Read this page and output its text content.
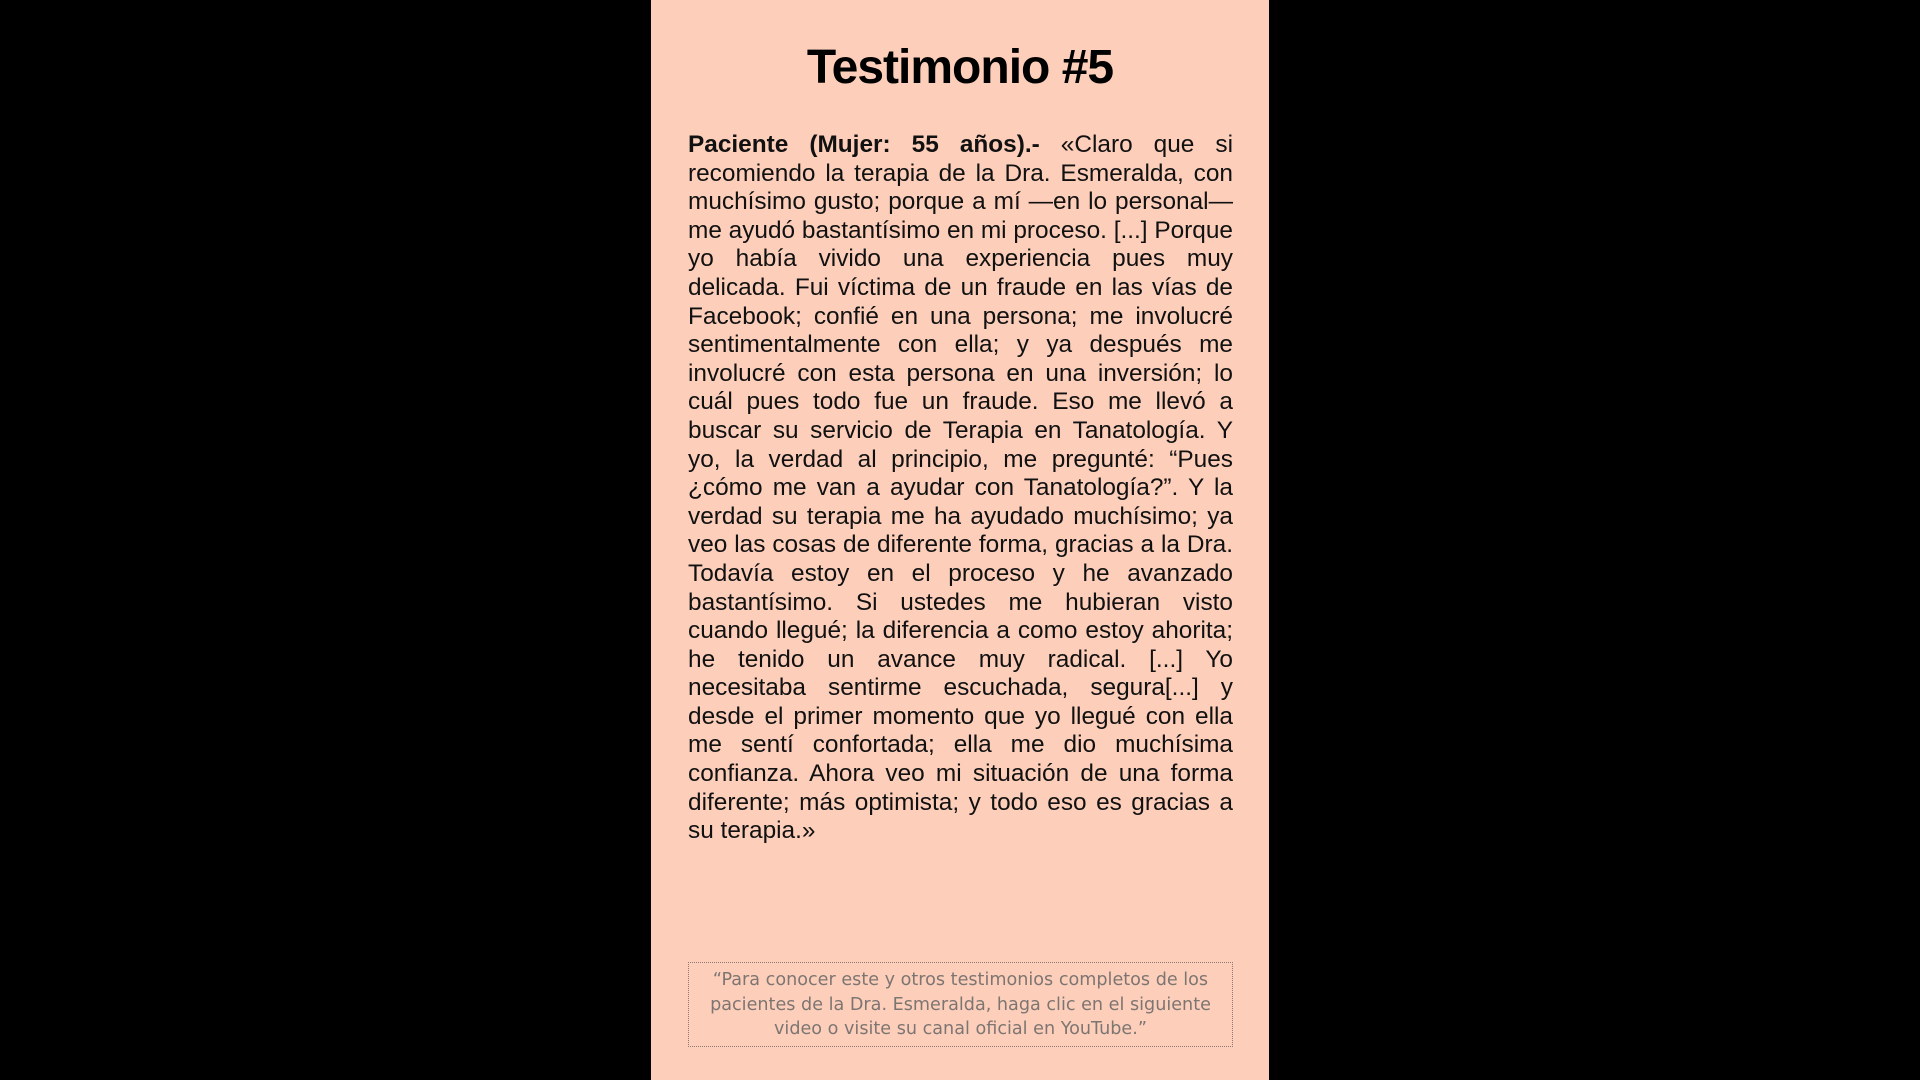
Testimonio #5

Paciente (Mujer: 55 años).- «Claro que si recomiendo la terapia de la Dra. Esmeralda, con muchísimo gusto; porque a mí —en lo personal— me ayudó bastantísimo en mi proceso. [...] Porque yo había vivido una experiencia pues muy delicada. Fui víctima de un fraude en las vías de Facebook; confié en una persona; me involucré sentimentalmente con ella; y ya después me involucré con esta persona en una inversión; lo cuál pues todo fue un fraude. Eso me llevó a buscar su servicio de Terapia en Tanatología. Y yo, la verdad al principio, me pregunté: “Pues ¿cómo me van a ayudar con Tanatología?”. Y la verdad su terapia me ha ayudado muchísimo; ya veo las cosas de diferente forma, gracias a la Dra. Todavía estoy en el proceso y he avanzado bastantísimo. Si ustedes me hubieran visto cuando llegué; la diferencia a como estoy ahorita; he tenido un avance muy radical. [...] Yo necesitaba sentirme escuchada, segura[...] y desde el primer momento que yo llegué con ella me sentí confortada; ella me dio muchísima confianza. Ahora veo mi situación de una forma diferente; más optimista; y todo eso es gracias a su terapia.»

“Para conocer este y otros testimonios completos de los pacientes de la Dra. Esmeralda, haga clic en el siguiente video o visite su canal oficial en YouTube.”
